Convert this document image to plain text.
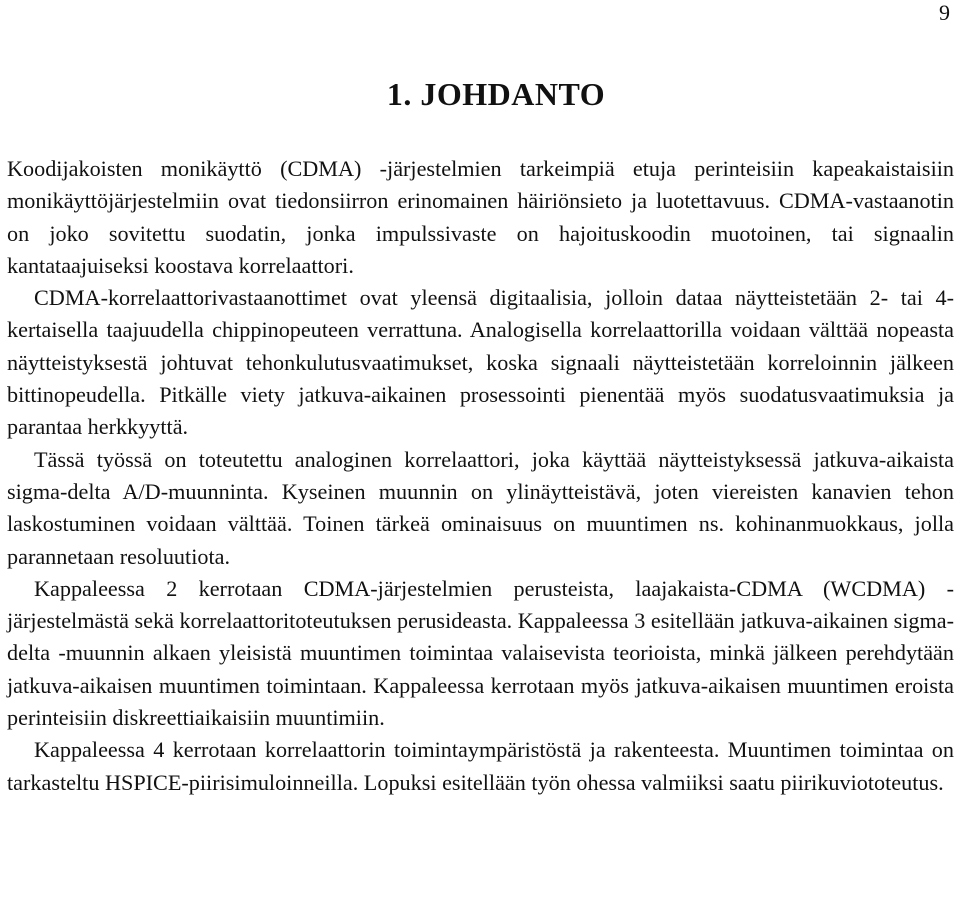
9
1. JOHDANTO

Koodijakoisten monikäyttö (CDMA) -järjestelmien tarkeimpiä etuja perinteisiin kapeakaistaisiin monikäyttöjärjestelmiin ovat tiedonsiirron erinomainen häiriönsieto ja luotettavuus. CDMA-vastaanotin on joko sovitettu suodatin, jonka impulssivaste on hajoituskoodin muotoinen, tai signaalin kantataajuiseksi koostava korrelaattori.

CDMA-korrelaattorivastaanottimet ovat yleensä digitaalisia, jolloin dataa näytteistetään 2- tai 4-kertaisella taajuudella chippinopeuteen verrattuna. Analogisella korrelaattorilla voidaan välttää nopeasta näytteistyksestä johtuvat tehonkulutusvaatimukset, koska signaali näytteistetään korreloinnin jälkeen bittinopeudella. Pitkälle viety jatkuva-aikainen prosessointi pienentää myös suodatusvaatimuksia ja parantaa herkkyyttä.

Tässä työssä on toteutettu analoginen korrelaattori, joka käyttää näytteistyksessä jatkuva-aikaista sigma-delta A/D-muunninta. Kyseinen muunnin on ylinäytteistävä, joten viereisten kanavien tehon laskostuminen voidaan välttää. Toinen tärkeä ominaisuus on muuntimen ns. kohinanmuokkaus, jolla parannetaan resoluutiota.

Kappaleessa 2 kerrotaan CDMA-järjestelmien perusteista, laajakaista-CDMA (WCDMA) -järjestelmästä sekä korrelaattoritoteutuksen perusideasta. Kappaleessa 3 esitellään jatkuva-aikainen sigma-delta -muunnin alkaen yleisistä muuntimen toimintaa valaisevista teorioista, minkä jälkeen perehdytään jatkuva-aikaisen muuntimen toimintaan. Kappaleessa kerrotaan myös jatkuva-aikaisen muuntimen eroista perinteisiin diskreettiaikaisiin muuntimiin.

Kappaleessa 4 kerrotaan korrelaattorin toimintaympäristöstä ja rakenteesta. Muuntimen toimintaa on tarkasteltu HSPICE-piirisimuloinneilla. Lopuksi esitellään työn ohessa valmiiksi saatu piirikuviototeutus.
